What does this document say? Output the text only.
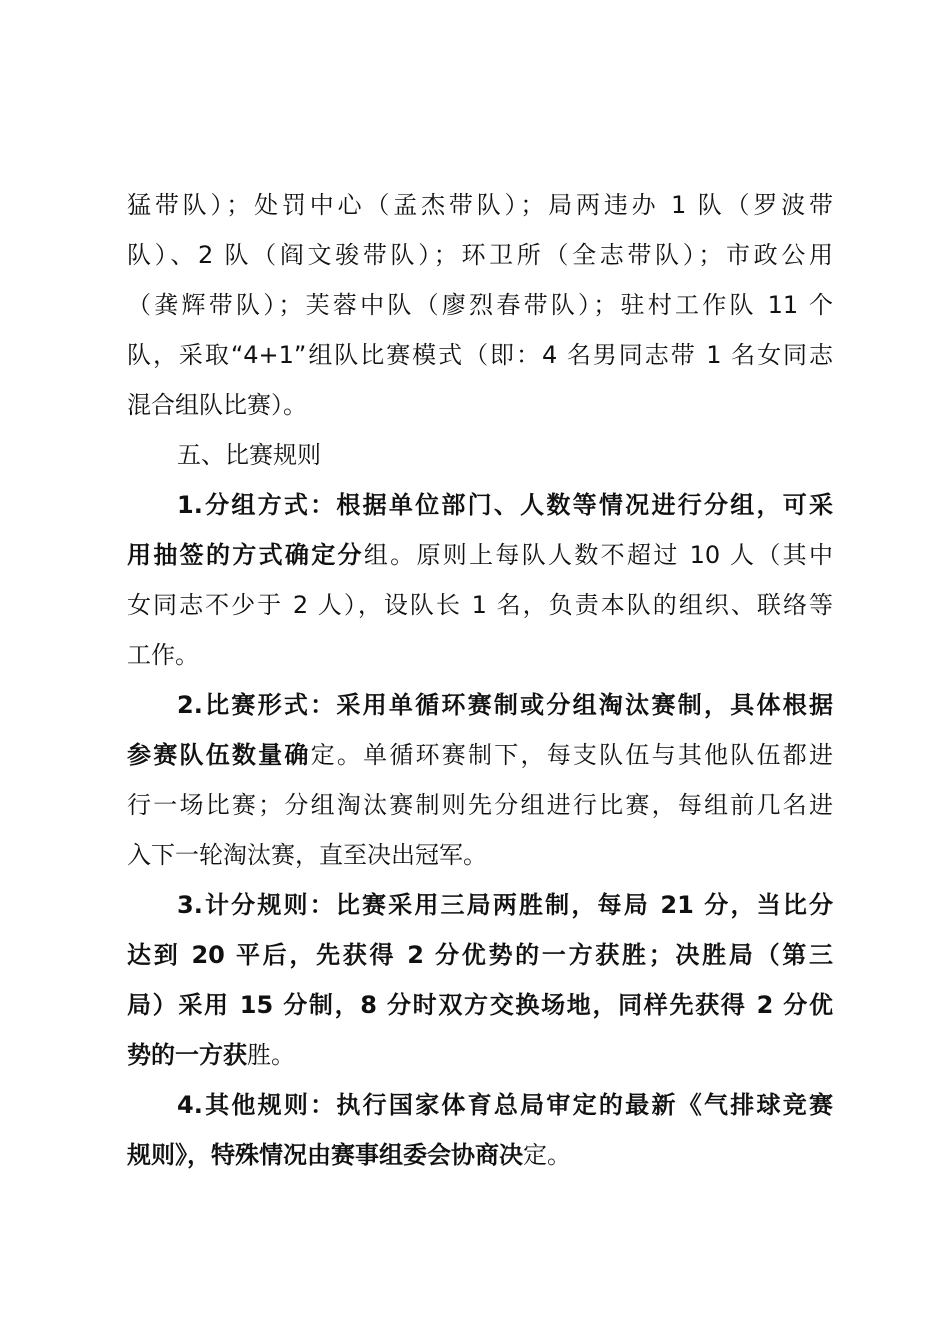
猛带队）；处罚中心（孟杰带队）；局两违办 1 队（罗波带
队）、2 队（阎文骏带队）；环卫所（全志带队）；市政公用
（龚辉带队）；芙蓉中队（廖烈春带队）；驻村工作队 11 个
队，采取“4+1”组队比赛模式（即：4 名男同志带 1 名女同志
混合组队比赛）。
五、比赛规则
1.分组方式：根据单位部门、人数等情况进行分组，可采
用抽签的方式确定分组。原则上每队人数不超过 10 人（其中
女同志不少于 2 人），设队长 1 名，负责本队的组织、联络等
工作。
2.比赛形式：采用单循环赛制或分组淘汰赛制，具体根据
参赛队伍数量确定。单循环赛制下，每支队伍与其他队伍都进
行一场比赛；分组淘汰赛制则先分组进行比赛，每组前几名进
入下一轮淘汰赛，直至决出冠军。
3.计分规则：比赛采用三局两胜制，每局 21 分，当比分
达到 20 平后，先获得 2 分优势的一方获胜；决胜局（第三
局）采用 15 分制，8 分时双方交换场地，同样先获得 2 分优
势的一方获胜。
4.其他规则：执行国家体育总局审定的最新《气排球竞赛
规则》，特殊情况由赛事组委会协商决定。
